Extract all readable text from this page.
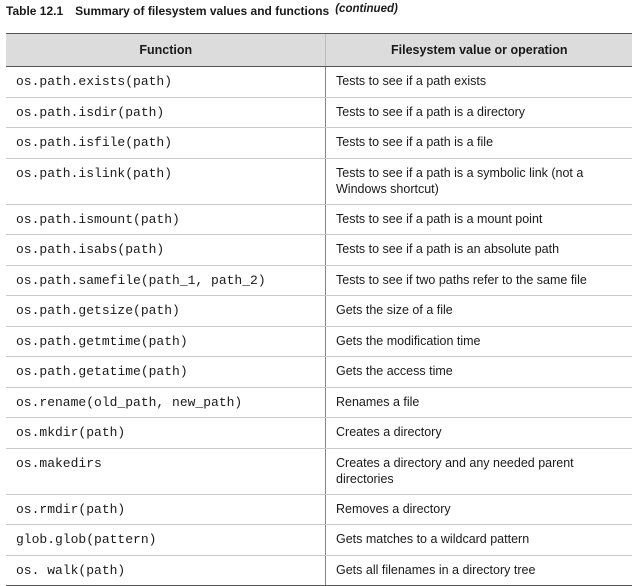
Table 12.1 Summary of filesystem values and functions (continued)
Function	Filesystem value or operation
os.path.exists(path)	Tests to see if a path exists
os.path.isdir(path)	Tests to see if a path is a directory
os.path.isfile(path)	Tests to see if a path is a file
os.path.islink(path)	Tests to see if a path is a symbolic link (not a Windows shortcut)
os.path.ismount(path)	Tests to see if a path is a mount point
os.path.isabs(path)	Tests to see if a path is an absolute path
os.path.samefile(path_1, path_2)	Tests to see if two paths refer to the same file
os.path.getsize(path)	Gets the size of a file
os.path.getmtime(path)	Gets the modification time
os.path.getatime(path)	Gets the access time
os.rename(old_path, new_path)	Renames a file
os.mkdir(path)	Creates a directory
os.makedirs	Creates a directory and any needed parent directories
os.rmdir(path)	Removes a directory
glob.glob(pattern)	Gets matches to a wildcard pattern
os. walk(path)	Gets all filenames in a directory tree
